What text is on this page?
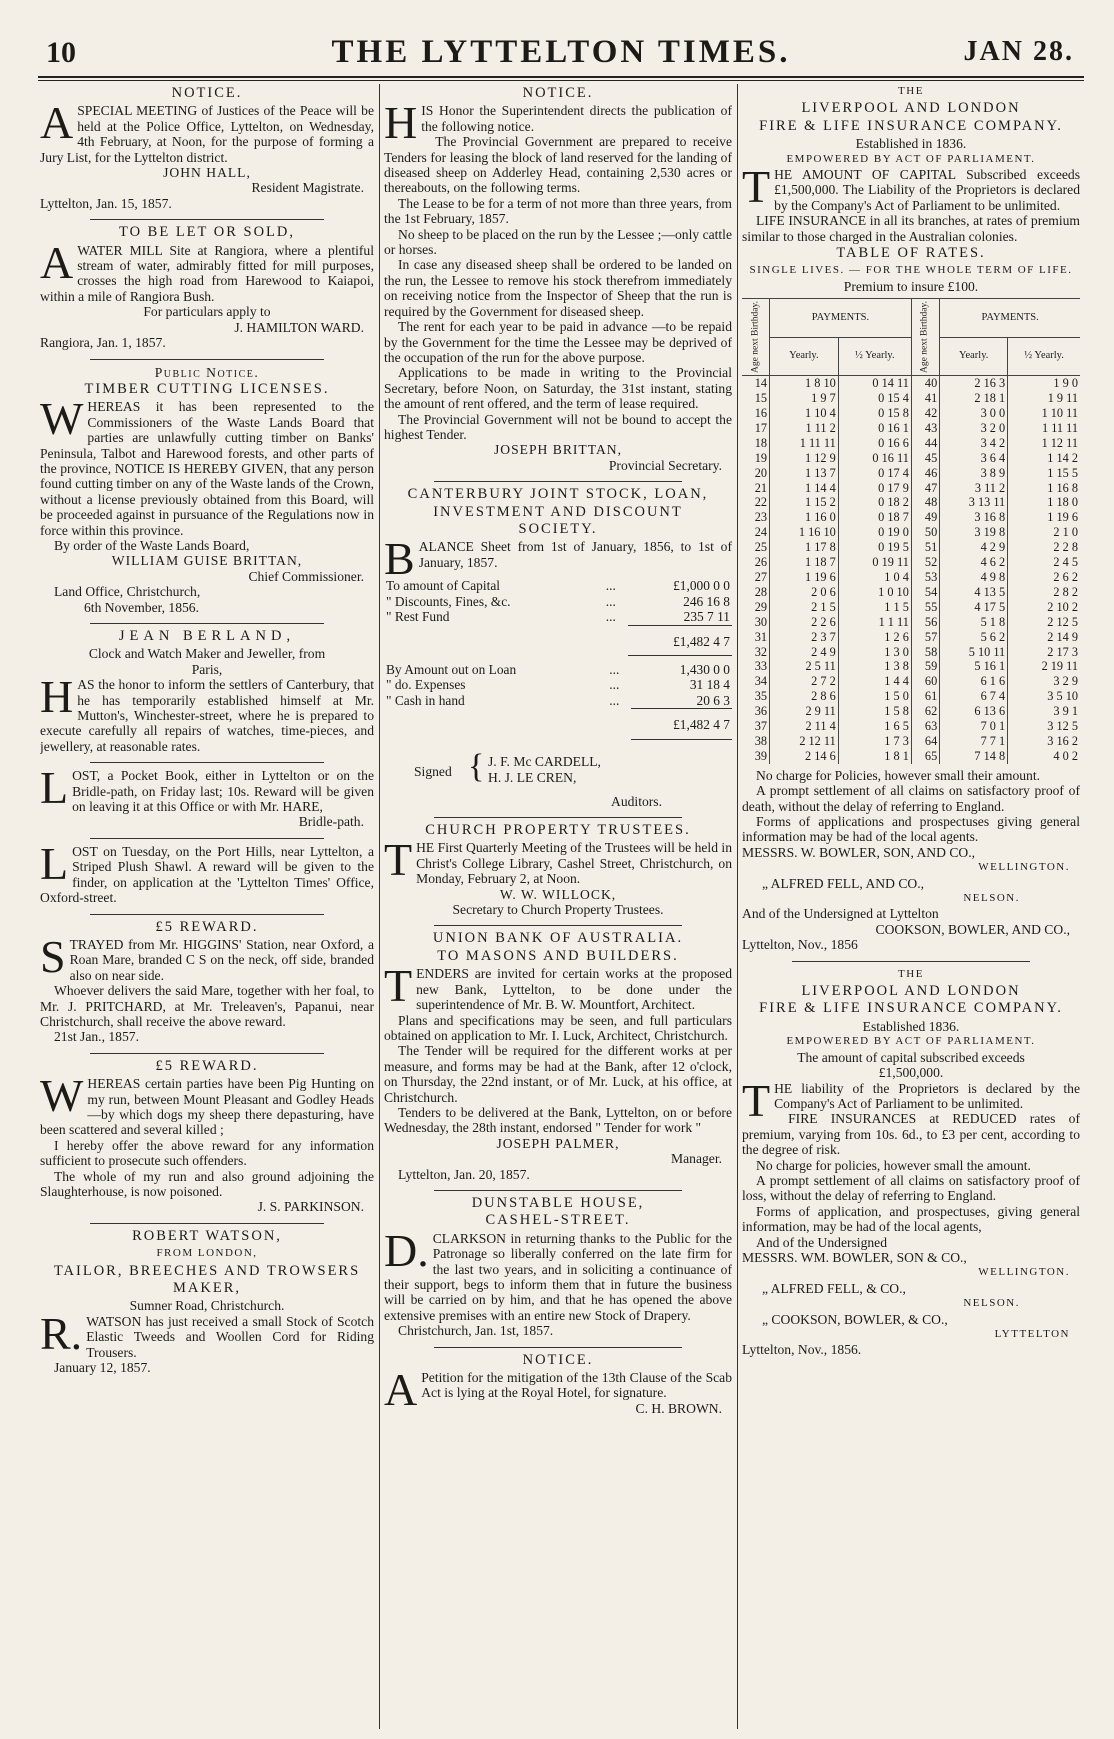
10	THE LYTTELTON TIMES.	JAN 28.
NOTICE.

ASPECIAL MEETING of Justices of the Peace will be held at the Police Office, Lyttelton, on Wednesday, 4th February, at Noon, for the purpose of forming a Jury List, for the Lyttelton district.

JOHN HALL,
Resident Magistrate.
Lyttelton, Jan. 15, 1857.
TO BE LET OR SOLD,

AWATER MILL Site at Rangiora, where a plentiful stream of water, admirably fitted for mill purposes, crosses the high road from Harewood to Kaiapoi, within a mile of Rangiora Bush.

For particulars apply to
J. HAMILTON WARD.
Rangiora, Jan. 1, 1857.
Public Notice.
TIMBER CUTTING LICENSES.

WHEREAS it has been represented to the Commissioners of the Waste Lands Board that parties are unlawfully cutting timber on Banks' Peninsula, Talbot and Harewood forests, and other parts of the province, NOTICE IS HEREBY GIVEN, that any person found cutting timber on any of the Waste lands of the Crown, without a license previously obtained from this Board, will be proceeded against in pursuance of the Regulations now in force within this province.

By order of the Waste Lands Board,

WILLIAM GUISE BRITTAN,
Chief Commissioner.

Land Office, Christchurch,

6th November, 1856.

JEAN BERLAND,
Clock and Watch Maker and Jeweller, from
Paris,

HAS the honor to inform the settlers of Canterbury, that he has temporarily established himself at Mr. Mutton's, Winchester-street, where he is prepared to execute carefully all repairs of watches, time-pieces, and jewellery, at reasonable rates.

LOST, a Pocket Book, either in Lyttelton or on the Bridle-path, on Friday last; 10s. Reward will be given on leaving it at this Office or with Mr. HARE,

Bridle-path.

LOST on Tuesday, on the Port Hills, near Lyttelton, a Striped Plush Shawl. A reward will be given to the finder, on application at the 'Lyttelton Times' Office, Oxford-street.

£5 REWARD.

STRAYED from Mr. HIGGINS' Station, near Oxford, a Roan Mare, branded C S on the neck, off side, branded also on near side.

Whoever delivers the said Mare, together with her foal, to Mr. J. PRITCHARD, at Mr. Treleaven's, Papanui, near Christchurch, shall receive the above reward.

21st Jan., 1857.

£5 REWARD.

WHEREAS certain parties have been Pig Hunting on my run, between Mount Pleasant and Godley Heads—by which dogs my sheep there depasturing, have been scattered and several killed ;

I hereby offer the above reward for any information sufficient to prosecute such offenders.

The whole of my run and also ground adjoining the Slaughterhouse, is now poisoned.

J. S. PARKINSON.
ROBERT WATSON,
FROM LONDON,
TAILOR, BREECHES AND TROWSERS
MAKER,
Sumner Road, Christchurch.

R.WATSON has just received a small Stock of Scotch Elastic Tweeds and Woollen Cord for Riding Trousers.

January 12, 1857.

NOTICE.

HIS Honor the Superintendent directs the publication of the following notice.

The Provincial Government are prepared to receive Tenders for leasing the block of land reserved for the landing of diseased sheep on Adderley Head, containing 2,530 acres or thereabouts, on the following terms.

The Lease to be for a term of not more than three years, from the 1st February, 1857.

No sheep to be placed on the run by the Lessee ;—only cattle or horses.

In case any diseased sheep shall be ordered to be landed on the run, the Lessee to remove his stock therefrom immediately on receiving notice from the Inspector of Sheep that the run is required by the Government for diseased sheep.

The rent for each year to be paid in advance —to be repaid by the Government for the time the Lessee may be deprived of the occupation of the run for the above purpose.

Applications to be made in writing to the Provincial Secretary, before Noon, on Saturday, the 31st instant, stating the amount of rent offered, and the term of lease required.

The Provincial Government will not be bound to accept the highest Tender.

JOSEPH BRITTAN,
Provincial Secretary.
CANTERBURY JOINT STOCK, LOAN,
INVESTMENT AND DISCOUNT
SOCIETY.

BALANCE Sheet from 1st of January, 1856, to 1st of January, 1857.

To amount of Capital	...	£1,000 0 0
" Discounts, Fines, &c.	...	246 16 8
" Rest Fund	...	235 7 11
		£1,482 4 7
By Amount out on Loan	...	1,430 0 0
" do. Expenses	...	31 18 4
" Cash in hand	...	20 6 3
		£1,482 4 7
Signed { J. F. Mc CARDELL,
H. J. LE CREN,
Auditors.
CHURCH PROPERTY TRUSTEES.

THE First Quarterly Meeting of the Trustees will be held in Christ's College Library, Cashel Street, Christchurch, on Monday, February 2, at Noon.

W. W. WILLOCK,
Secretary to Church Property Trustees.
UNION BANK OF AUSTRALIA.
TO MASONS AND BUILDERS.

TENDERS are invited for certain works at the proposed new Bank, Lyttelton, to be done under the superintendence of Mr. B. W. Mountfort, Architect.

Plans and specifications may be seen, and full particulars obtained on application to Mr. I. Luck, Architect, Christchurch.

The Tender will be required for the different works at per measure, and forms may be had at the Bank, after 12 o'clock, on Thursday, the 22nd instant, or of Mr. Luck, at his office, at Christchurch.

Tenders to be delivered at the Bank, Lyttelton, on or before Wednesday, the 28th instant, endorsed " Tender for work "

JOSEPH PALMER,
Manager.

Lyttelton, Jan. 20, 1857.

DUNSTABLE HOUSE,
CASHEL-STREET.

D.CLARKSON in returning thanks to the Public for the Patronage so liberally conferred on the late firm for the last two years, and in soliciting a continuance of their support, begs to inform them that in future the business will be carried on by him, and that he has opened the above extensive premises with an entire new Stock of Drapery.

Christchurch, Jan. 1st, 1857.

NOTICE.

APetition for the mitigation of the 13th Clause of the Scab Act is lying at the Royal Hotel, for signature.

C. H. BROWN.
THE
LIVERPOOL AND LONDON
FIRE & LIFE INSURANCE COMPANY.
Established in 1836.
EMPOWERED BY ACT OF PARLIAMENT.

THE AMOUNT OF CAPITAL Subscribed exceeds £1,500,000. The Liability of the Proprietors is declared by the Company's Act of Parliament to be unlimited.

LIFE INSURANCE in all its branches, at rates of premium similar to those charged in the Australian colonies.

TABLE OF RATES.
SINGLE LIVES. — FOR THE WHOLE TERM OF LIFE.
Premium to insure £100.
Age next Birthday.	PAYMENTS.		Age next Birthday.	PAYMENTS.	
	Yearly.	½ Yearly.		Yearly.	½ Yearly.
14	1 8 10	0 14 11	40	2 16 3	1 9 0
15	1 9 7	0 15 4	41	2 18 1	1 9 11
16	1 10 4	0 15 8	42	3 0 0	1 10 11
17	1 11 2	0 16 1	43	3 2 0	1 11 11
18	1 11 11	0 16 6	44	3 4 2	1 12 11
19	1 12 9	0 16 11	45	3 6 4	1 14 2
20	1 13 7	0 17 4	46	3 8 9	1 15 5
21	1 14 4	0 17 9	47	3 11 2	1 16 8
22	1 15 2	0 18 2	48	3 13 11	1 18 0
23	1 16 0	0 18 7	49	3 16 8	1 19 6
24	1 16 10	0 19 0	50	3 19 8	2 1 0
25	1 17 8	0 19 5	51	4 2 9	2 2 8
26	1 18 7	0 19 11	52	4 6 2	2 4 5
27	1 19 6	1 0 4	53	4 9 8	2 6 2
28	2 0 6	1 0 10	54	4 13 5	2 8 2
29	2 1 5	1 1 5	55	4 17 5	2 10 2
30	2 2 6	1 1 11	56	5 1 8	2 12 5
31	2 3 7	1 2 6	57	5 6 2	2 14 9
32	2 4 9	1 3 0	58	5 10 11	2 17 3
33	2 5 11	1 3 8	59	5 16 1	2 19 11
34	2 7 2	1 4 4	60	6 1 6	3 2 9
35	2 8 6	1 5 0	61	6 7 4	3 5 10
36	2 9 11	1 5 8	62	6 13 6	3 9 1
37	2 11 4	1 6 5	63	7 0 1	3 12 5
38	2 12 11	1 7 3	64	7 7 1	3 16 2
39	2 14 6	1 8 1	65	7 14 8	4 0 2

No charge for Policies, however small their amount.

A prompt settlement of all claims on satisfactory proof of death, without the delay of referring to England.

Forms of applications and prospectuses giving general information may be had of the local agents.

MESSRS. W. BOWLER, SON, AND CO.,
WELLINGTON.
„ ALFRED FELL, AND CO.,
NELSON.
And of the Undersigned at Lyttelton
COOKSON, BOWLER, AND CO.,
Lyttelton, Nov., 1856
THE
LIVERPOOL AND LONDON
FIRE & LIFE INSURANCE COMPANY.
Established 1836.
EMPOWERED BY ACT OF PARLIAMENT.
The amount of capital subscribed exceeds
£1,500,000.

THE liability of the Proprietors is declared by the Company's Act of Parliament to be unlimited.

FIRE INSURANCES at REDUCED rates of premium, varying from 10s. 6d., to £3 per cent, according to the degree of risk.

No charge for policies, however small the amount.

A prompt settlement of all claims on satisfactory proof of loss, without the delay of referring to England.

Forms of application, and prospectuses, giving general information, may be had of the local agents,

And of the Undersigned

MESSRS. WM. BOWLER, SON & CO.,
WELLINGTON.
„ ALFRED FELL, & CO.,
NELSON.
„ COOKSON, BOWLER, & CO.,
LYTTELTON
Lyttelton, Nov., 1856.
